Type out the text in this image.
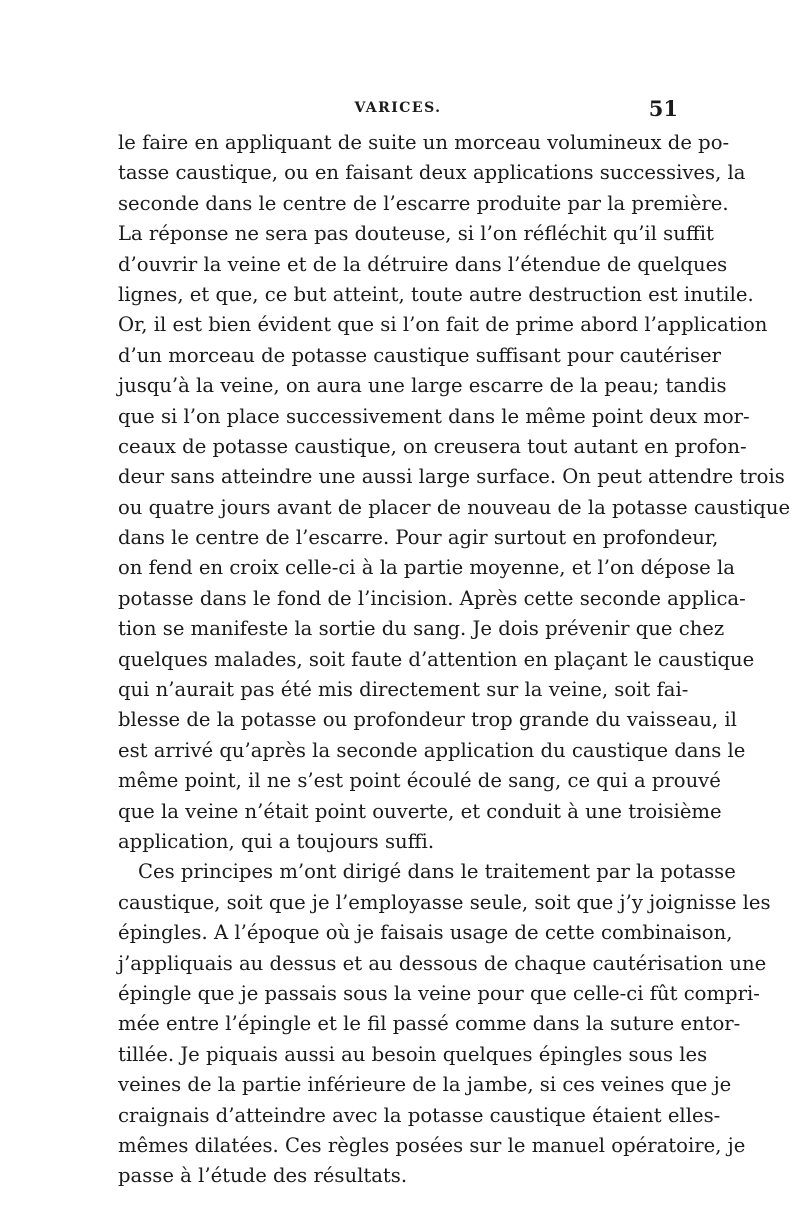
VARICES.	51
le faire en appliquant de suite un morceau volumineux de po-
tasse caustique, ou en faisant deux applications successives, la
seconde dans le centre de l’escarre produite par la première.
La réponse ne sera pas douteuse, si l’on réfléchit qu’il suffit
d’ouvrir la veine et de la détruire dans l’étendue de quelques
lignes, et que, ce but atteint, toute autre destruction est inutile.
Or, il est bien évident que si l’on fait de prime abord l’application
d’un morceau de potasse caustique suffisant pour cautériser
jusqu’à la veine, on aura une large escarre de la peau; tandis
que si l’on place successivement dans le même point deux mor-
ceaux de potasse caustique, on creusera tout autant en profon-
deur sans atteindre une aussi large surface. On peut attendre trois
ou quatre jours avant de placer de nouveau de la potasse caustique
dans le centre de l’escarre. Pour agir surtout en profondeur,
on fend en croix celle-ci à la partie moyenne, et l’on dépose la
potasse dans le fond de l’incision. Après cette seconde applica-
tion se manifeste la sortie du sang. Je dois prévenir que chez
quelques malades, soit faute d’attention en plaçant le caustique
qui n’aurait pas été mis directement sur la veine, soit fai-
blesse de la potasse ou profondeur trop grande du vaisseau, il
est arrivé qu’après la seconde application du caustique dans le
même point, il ne s’est point écoulé de sang, ce qui a prouvé
que la veine n’était point ouverte, et conduit à une troisième
application, qui a toujours suffi.
Ces principes m’ont dirigé dans le traitement par la potasse
caustique, soit que je l’employasse seule, soit que j’y joignisse les
épingles. A l’époque où je faisais usage de cette combinaison,
j’appliquais au dessus et au dessous de chaque cautérisation une
épingle que je passais sous la veine pour que celle-ci fût compri-
mée entre l’épingle et le fil passé comme dans la suture entor-
tillée. Je piquais aussi au besoin quelques épingles sous les
veines de la partie inférieure de la jambe, si ces veines que je
craignais d’atteindre avec la potasse caustique étaient elles-
mêmes dilatées. Ces règles posées sur le manuel opératoire, je
passe à l’étude des résultats.
